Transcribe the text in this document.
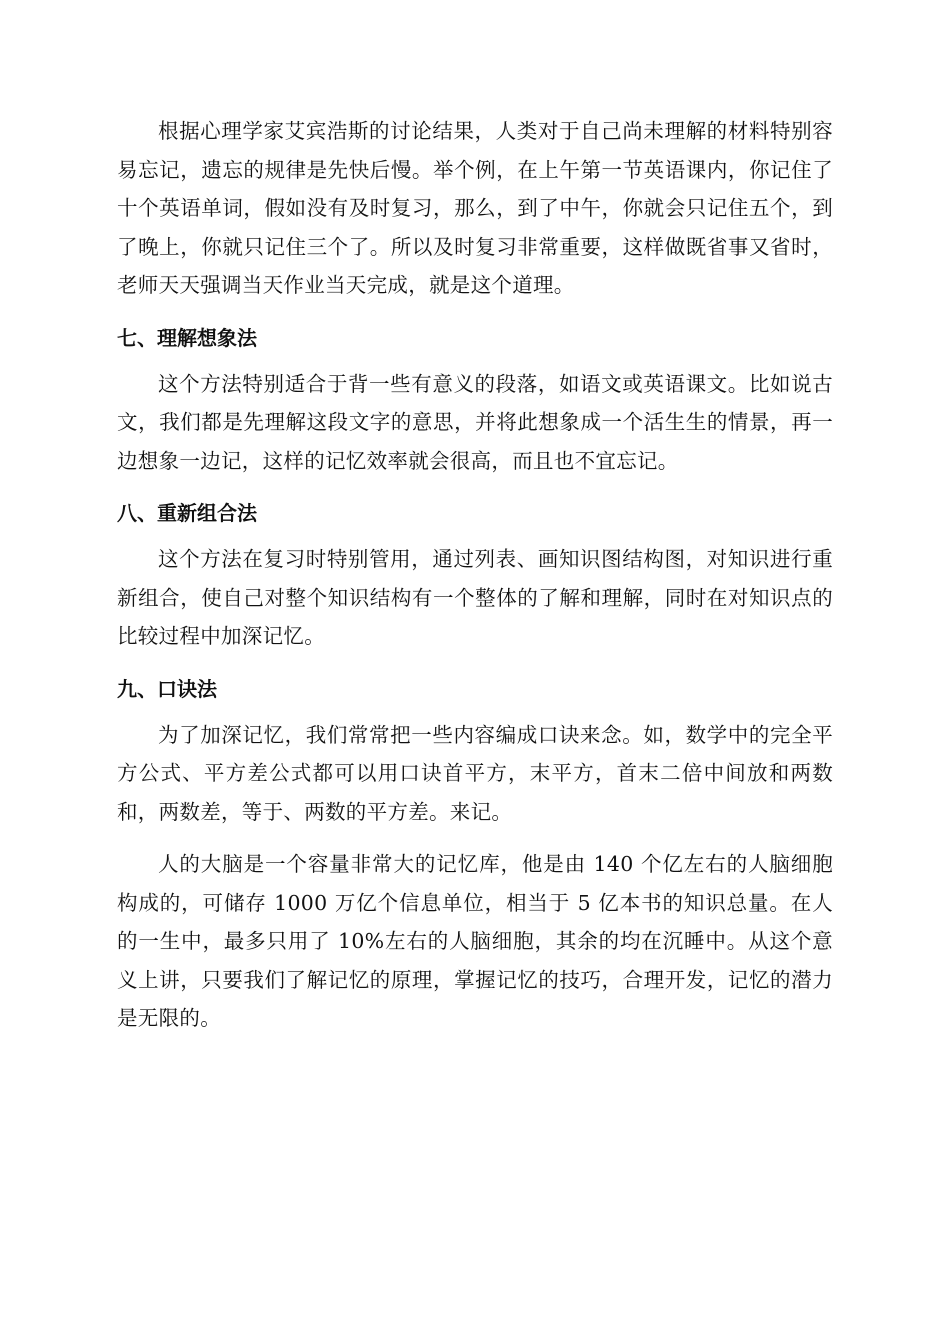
根据心理学家艾宾浩斯的讨论结果，人类对于自己尚未理解的材料特别容易忘记，遗忘的规律是先快后慢。举个例，在上午第一节英语课内，你记住了十个英语单词，假如没有及时复习，那么，到了中午，你就会只记住五个，到了晚上，你就只记住三个了。所以及时复习非常重要，这样做既省事又省时，老师天天强调当天作业当天完成，就是这个道理。

七、理解想象法

这个方法特别适合于背一些有意义的段落，如语文或英语课文。比如说古文，我们都是先理解这段文字的意思，并将此想象成一个活生生的情景，再一边想象一边记，这样的记忆效率就会很高，而且也不宜忘记。

八、重新组合法

这个方法在复习时特别管用，通过列表、画知识图结构图，对知识进行重新组合，使自己对整个知识结构有一个整体的了解和理解，同时在对知识点的比较过程中加深记忆。

九、口诀法

为了加深记忆，我们常常把一些内容编成口诀来念。如，数学中的完全平方公式、平方差公式都可以用口诀首平方，末平方，首末二倍中间放和两数和，两数差，等于、两数的平方差。来记。

人的大脑是一个容量非常大的记忆库，他是由 140 个亿左右的人脑细胞构成的，可储存 1000 万亿个信息单位，相当于 5 亿本书的知识总量。在人的一生中，最多只用了 10%左右的人脑细胞，其余的均在沉睡中。从这个意义上讲，只要我们了解记忆的原理，掌握记忆的技巧，合理开发，记忆的潜力是无限的。
